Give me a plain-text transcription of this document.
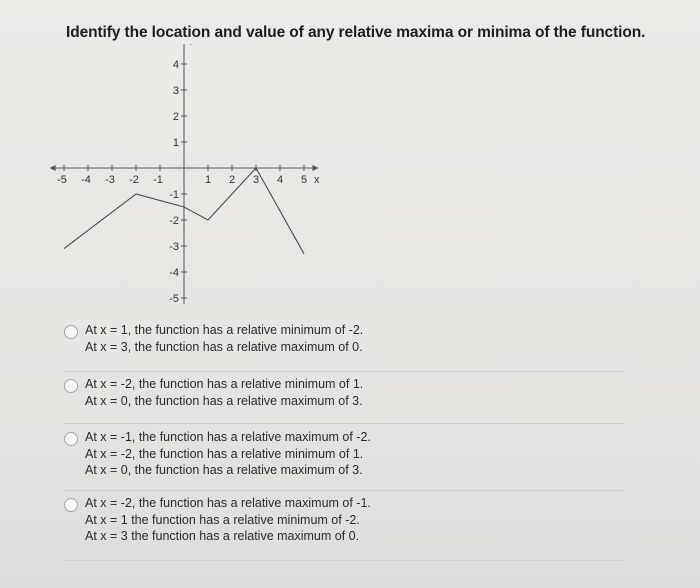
Identify the location and value of any relative maxima or minima of the function.
-5 -4 -3 -2 -1	1 2 3 4 5 x
4
3
2
1
-1
-2
-3
-4
-5
At x = 1, the function has a relative minimum of -2.
At x = 3, the function has a relative maximum of 0.
At x = -2, the function has a relative minimum of 1.
At x = 0, the function has a relative maximum of 3.
At x = -1, the function has a relative maximum of -2.
At x = -2, the function has a relative minimum of 1.
At x = 0, the function has a relative maximum of 3.
At x = -2, the function has a relative maximum of -1.
At x = 1 the function has a relative minimum of -2.
At x = 3 the function has a relative maximum of 0.
